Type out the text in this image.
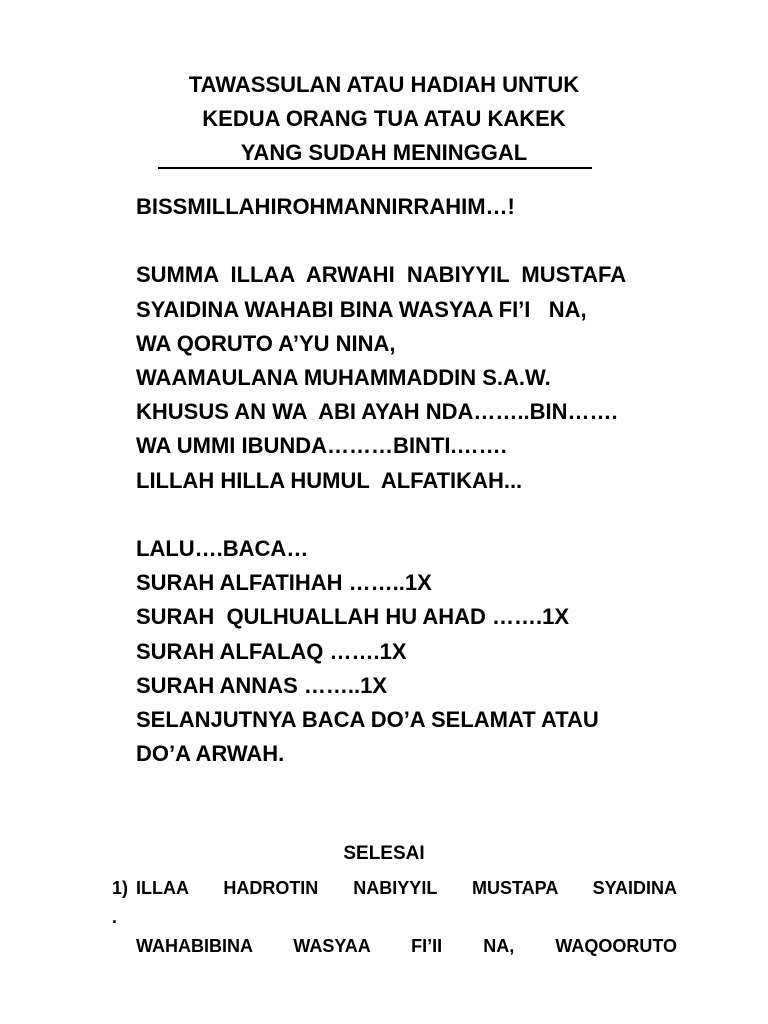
TAWASSULAN ATAU HADIAH UNTUK
KEDUA ORANG TUA ATAU KAKEK
YANG SUDAH MENINGGAL
BISSMILLAHIROHMANNIRRAHIM…!
SUMMA  ILLAA  ARWAHI  NABIYYIL  MUSTAFA
SYAIDINA WAHABI BINA WASYAA FI’I   NA,
WA QORUTO A’YU NINA,
WAAMAULANA MUHAMMADDIN S.A.W.
KHUSUS AN WA  ABI AYAH NDA……..BIN…….
WA UMMI IBUNDA………BINTI.…….
LILLAH HILLA HUMUL  ALFATIKAH...
LALU….BACA…
SURAH ALFATIHAH ……..1X
SURAH  QULHUALLAH HU AHAD …….1X
SURAH ALFALAQ …….1X
SURAH ANNAS ……..1X
SELANJUTNYA BACA DO’A SELAMAT ATAU
DO’A ARWAH.
SELESAI
1) .
ILLAA HADROTIN NABIYYIL MUSTAPA SYAIDINA
WAHABIBINA WASYAA FI’II NA, WAQOORUTO
